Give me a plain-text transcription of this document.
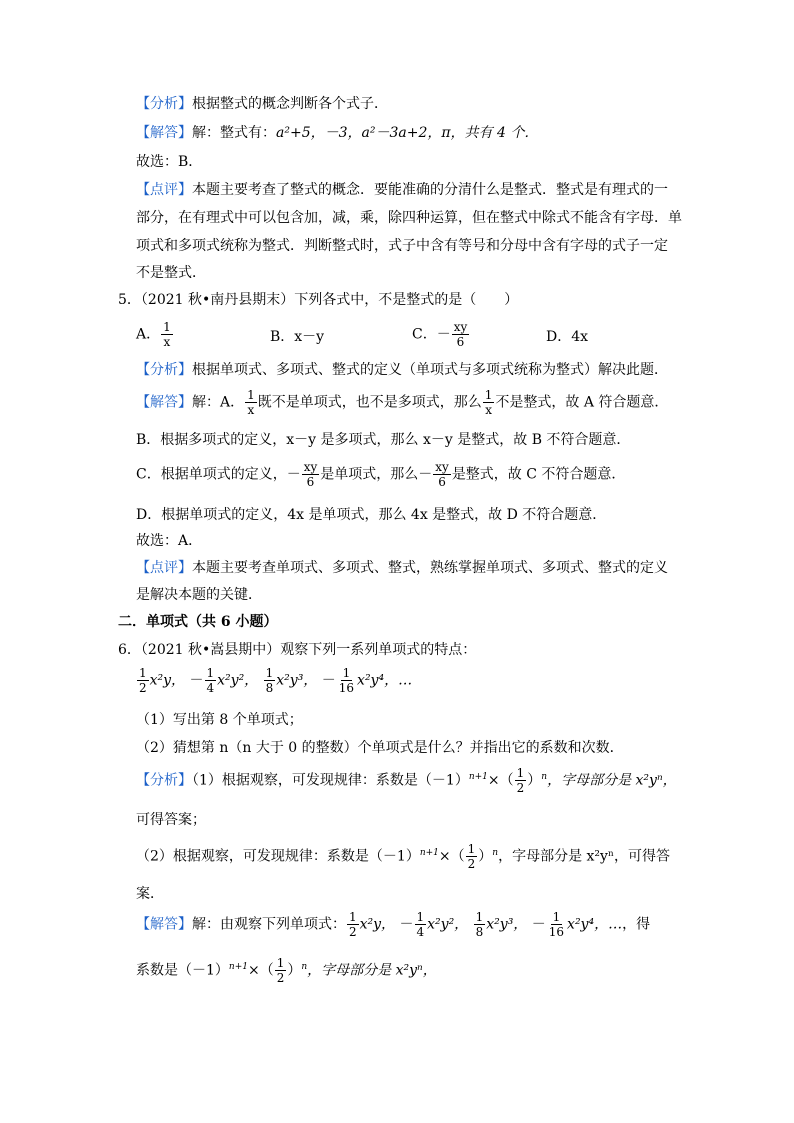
【分析】根据整式的概念判断各个式子．
【解答】解：整式有：a²+5，－3，a²－3a+2，π，共有 4 个．
故选：B．
【点评】本题主要考查了整式的概念．要能准确的分清什么是整式．整式是有理式的一
部分，在有理式中可以包含加，减，乘，除四种运算，但在整式中除式不能含有字母．单
项式和多项式统称为整式．判断整式时，式子中含有等号和分母中含有字母的式子一定
不是整式．
5．（2021 秋•南丹县期末）下列各式中，不是整式的是（　　）
A． $\frac{1}{x}$	B．x－y	C．－ $\frac{xy}{6}$	D．4x
【分析】根据单项式、多项式、整式的定义（单项式与多项式统称为整式）解决此题．
【解答】解：A． $\frac{1}{x}$ 既不是单项式，也不是多项式，那么 $\frac{1}{x}$ 不是整式，故 A 符合题意．
B．根据多项式的定义，x－y 是多项式，那么 x－y 是整式，故 B 不符合题意．
C．根据单项式的定义，－ $\frac{xy}{6}$ 是单项式，那么－ $\frac{xy}{6}$ 是整式，故 C 不符合题意．
D．根据单项式的定义，4x 是单项式，那么 4x 是整式，故 D 不符合题意．
故选：A．
【点评】本题主要考查单项式、多项式、整式，熟练掌握单项式、多项式、整式的定义
是解决本题的关键．
二．单项式（共 6 小题）
6．（2021 秋•嵩县期中）观察下列一系列单项式的特点：
$\frac{1}{2} x^2y$， － $\frac{1}{4} x^2y^2$， $\frac{1}{8} x^2y^3$， － $\frac{1}{16} x^2y^4$，…
（1）写出第 8 个单项式；
（2）猜想第 n（n 大于 0 的整数）个单项式是什么？并指出它的系数和次数．
【分析】（1）根据观察，可发现规律：系数是$(-1)^{n+1}\times( \frac{1}{2} )^n$，字母部分是 x²yⁿ，
可得答案；
（2）根据观察，可发现规律：系数是$(-1)^{n+1}\times( \frac{1}{2} )^n$，字母部分是 x²yⁿ，可得答
案．
【解答】解：由观察下列单项式： $\frac{1}{2} x^2y$， － $\frac{1}{4} x^2y^2$， $\frac{1}{8} x^2y^3$， － $\frac{1}{16} x^2y^4$，…，得
系数是$(-1)^{n+1}\times( \frac{1}{2} )^n$，字母部分是 x²yⁿ，
